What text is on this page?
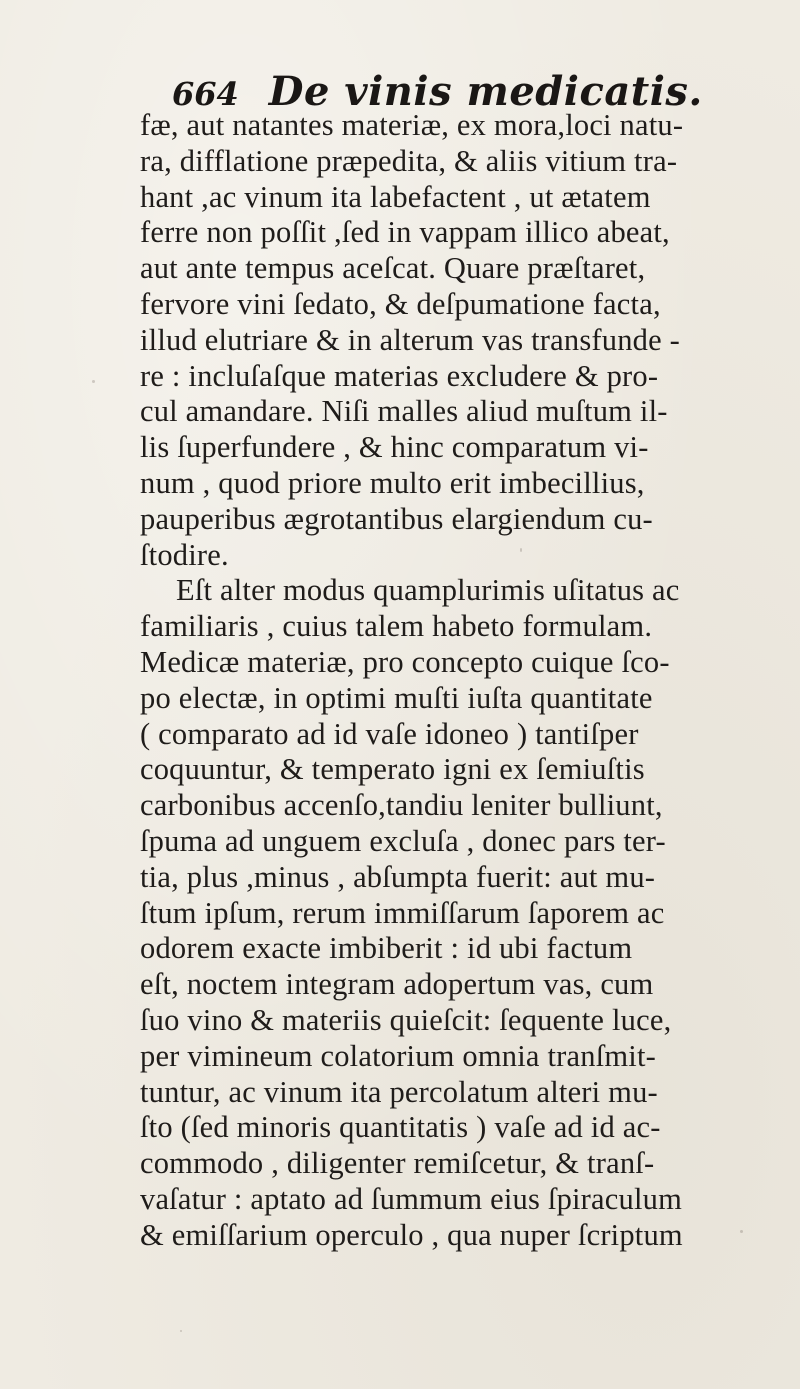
664 De vinis medicatis.
fæ, aut natantes materiæ, ex mora,loci natu-
ra, difflatione præpedita, & aliis vitium tra-
hant ,ac vinum ita labefactent , ut ætatem
ferre non poſſit ,ſed in vappam illico abeat,
aut ante tempus aceſcat. Quare præſtaret,
fervore vini ſedato, & deſpumatione facta,
illud elutriare & in alterum vas transfunde -
re : incluſaſque materias excludere & pro-
cul amandare. Niſi malles aliud muſtum il-
lis ſuperfundere , & hinc comparatum vi-
num , quod priore multo erit imbecillius,
pauperibus ægrotantibus elargiendum cu-
ſtodire.
Eſt alter modus quamplurimis uſitatus ac
familiaris , cuius talem habeto formulam.
Medicæ materiæ, pro concepto cuique ſco-
po electæ, in optimi muſti iuſta quantitate
( comparato ad id vaſe idoneo ) tantiſper
coquuntur, & temperato igni ex ſemiuſtis
carbonibus accenſo,tandiu leniter bulliunt,
ſpuma ad unguem excluſa , donec pars ter-
tia, plus ,minus , abſumpta fuerit: aut mu-
ſtum ipſum, rerum immiſſarum ſaporem ac
odorem exacte imbiberit : id ubi factum
eſt, noctem integram adopertum vas, cum
ſuo vino & materiis quieſcit: ſequente luce,
per vimineum colatorium omnia tranſmit-
tuntur, ac vinum ita percolatum alteri mu-
ſto (ſed minoris quantitatis ) vaſe ad id ac-
commodo , diligenter remiſcetur, & tranſ-
vaſatur : aptato ad ſummum eius ſpiraculum
& emiſſarium operculo , qua nuper ſcriptum
